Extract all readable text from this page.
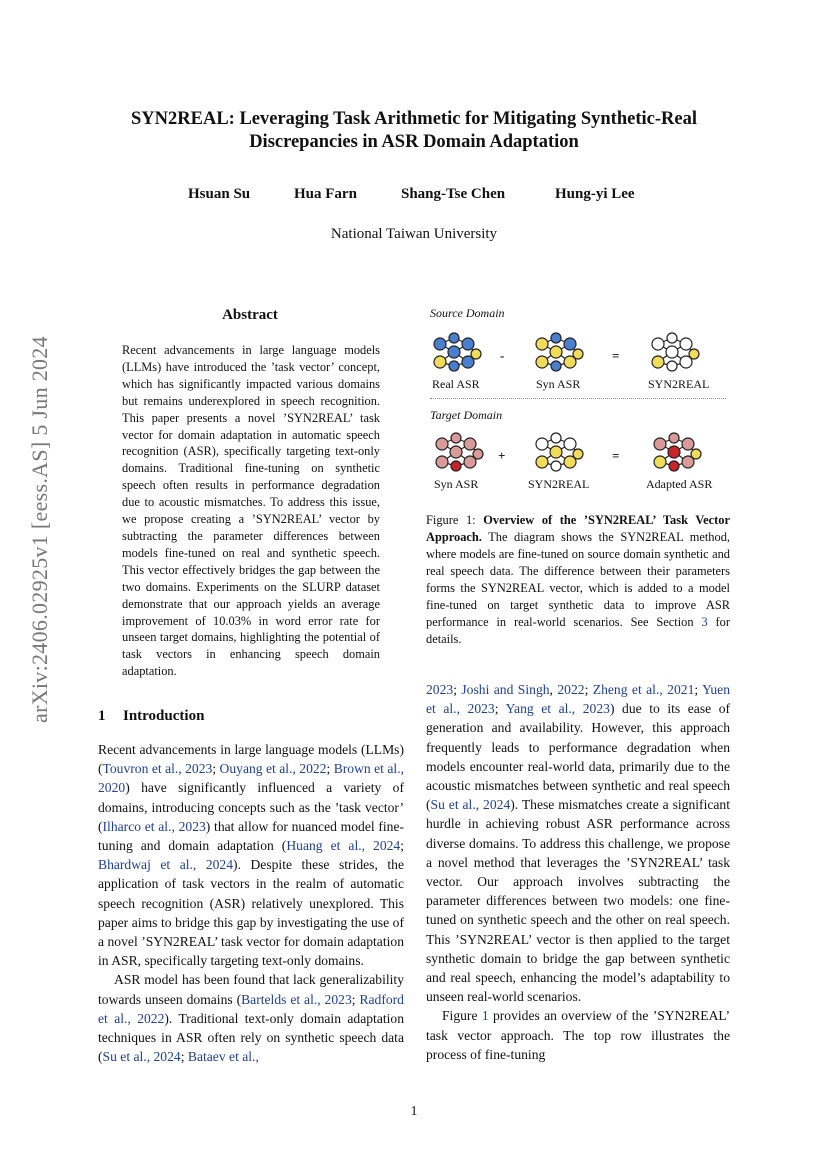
arXiv:2406.02925v1 [eess.AS] 5 Jun 2024
SYN2REAL: Leveraging Task Arithmetic for Mitigating Synthetic-Real
Discrepancies in ASR Domain Adaptation
Hsuan Su	Hua Farn	Shang-Tse Chen	Hung-yi Lee
National Taiwan University
Abstract
Recent advancements in large language models (LLMs) have introduced the ’task vector’ concept, which has significantly impacted various domains but remains underexplored in speech recognition. This paper presents a novel ’SYN2REAL’ task vector for domain adaptation in automatic speech recognition (ASR), specifically targeting text-only domains. Traditional fine-tuning on synthetic speech often results in performance degradation due to acoustic mismatches. To address this issue, we propose creating a ’SYN2REAL’ vector by subtracting the parameter differences between models fine-tuned on real and synthetic speech. This vector effectively bridges the gap between the two domains. Experiments on the SLURP dataset demonstrate that our approach yields an average improvement of 10.03% in word error rate for unseen target domains, highlighting the potential of task vectors in enhancing speech domain adaptation.
Source Domain
-	=
Real ASR	Syn ASR	SYN2REAL
Target Domain
+	=
Syn ASR	SYN2REAL	Adapted ASR
Figure 1: Overview of the ’SYN2REAL’ Task Vector Approach. The diagram shows the SYN2REAL method, where models are fine-tuned on source domain synthetic and real speech data. The difference between their parameters forms the SYN2REAL vector, which is added to a model fine-tuned on target synthetic data to improve ASR performance in real-world scenarios. See Section 3 for details.
1 Introduction

Recent advancements in large language models (LLMs) (Touvron et al., 2023; Ouyang et al., 2022; Brown et al., 2020) have significantly influenced a variety of domains, introducing concepts such as the ’task vector’ (Ilharco et al., 2023) that allow for nuanced model fine-tuning and domain adaptation (Huang et al., 2024; Bhardwaj et al., 2024). Despite these strides, the application of task vectors in the realm of automatic speech recognition (ASR) relatively unexplored. This paper aims to bridge this gap by investigating the use of a novel ’SYN2REAL’ task vector for domain adaptation in ASR, specifically targeting text-only domains.

ASR model has been found that lack generalizability towards unseen domains (Bartelds et al., 2023; Radford et al., 2022). Traditional text-only domain adaptation techniques in ASR often rely on synthetic speech data (Su et al., 2024; Bataev et al.,

2023; Joshi and Singh, 2022; Zheng et al., 2021; Yuen et al., 2023; Yang et al., 2023) due to its ease of generation and availability. However, this approach frequently leads to performance degradation when models encounter real-world data, primarily due to the acoustic mismatches between synthetic and real speech (Su et al., 2024). These mismatches create a significant hurdle in achieving robust ASR performance across diverse domains. To address this challenge, we propose a novel method that leverages the ’SYN2REAL’ task vector. Our approach involves subtracting the parameter differences between two models: one fine-tuned on synthetic speech and the other on real speech. This ’SYN2REAL’ vector is then applied to the target synthetic domain to bridge the gap between synthetic and real speech, enhancing the model’s adaptability to unseen real-world scenarios.

Figure 1 provides an overview of the ’SYN2REAL’ task vector approach. The top row illustrates the process of fine-tuning

1
